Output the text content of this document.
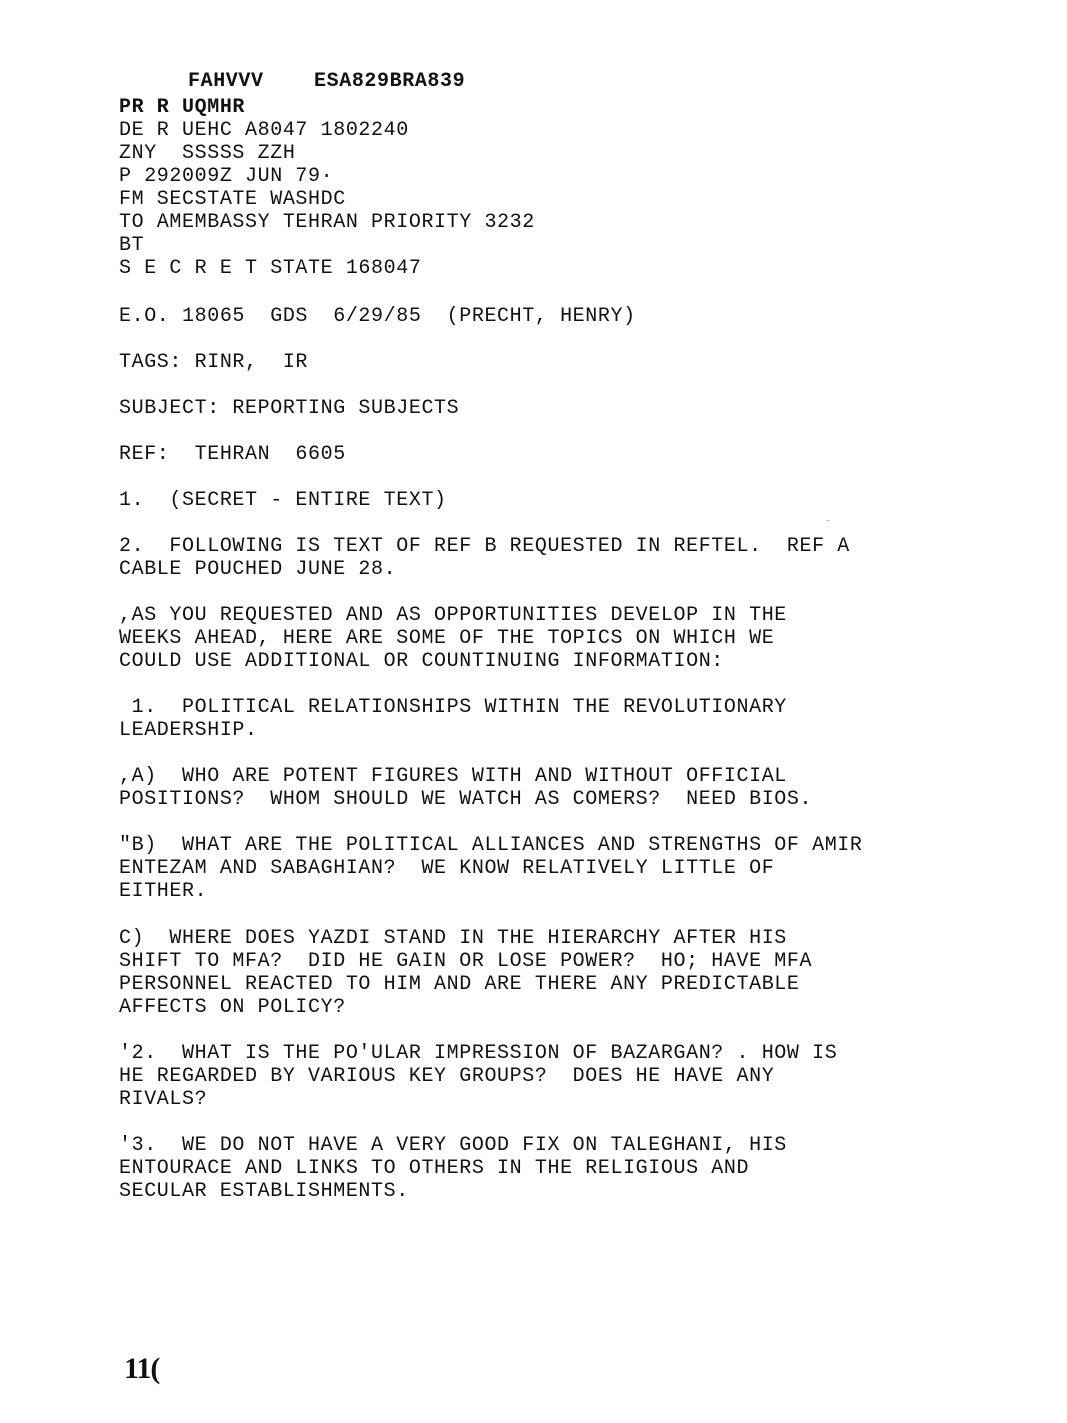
FAHVVV    ESA829BRA839
PR R UQMHR
DE R UEHC A8047 1802240
ZNY  SSSSS ZZH
P 292009Z JUN 79·
FM SECSTATE WASHDC
TO AMEMBASSY TEHRAN PRIORITY 3232
BT
S E C R E T STATE 168047
E.O. 18065  GDS  6/29/85  (PRECHT, HENRY)
TAGS: RINR,  IR
SUBJECT: REPORTING SUBJECTS
REF:  TEHRAN  6605
1.  (SECRET - ENTIRE TEXT)
2.  FOLLOWING IS TEXT OF REF B REQUESTED IN REFTEL.  REF A
CABLE POUCHED JUNE 28.
,AS YOU REQUESTED AND AS OPPORTUNITIES DEVELOP IN THE
WEEKS AHEAD, HERE ARE SOME OF THE TOPICS ON WHICH WE
COULD USE ADDITIONAL OR COUNTINUING INFORMATION:
1.  POLITICAL RELATIONSHIPS WITHIN THE REVOLUTIONARY
LEADERSHIP.
,A)  WHO ARE POTENT FIGURES WITH AND WITHOUT OFFICIAL
POSITIONS?  WHOM SHOULD WE WATCH AS COMERS?  NEED BIOS.
"B)  WHAT ARE THE POLITICAL ALLIANCES AND STRENGTHS OF AMIR
ENTEZAM AND SABAGHIAN?  WE KNOW RELATIVELY LITTLE OF
EITHER.
C)  WHERE DOES YAZDI STAND IN THE HIERARCHY AFTER HIS
SHIFT TO MFA?  DID HE GAIN OR LOSE POWER?  HO; HAVE MFA
PERSONNEL REACTED TO HIM AND ARE THERE ANY PREDICTABLE
AFFECTS ON POLICY?
'2.  WHAT IS THE PO'ULAR IMPRESSION OF BAZARGAN? . HOW IS
HE REGARDED BY VARIOUS KEY GROUPS?  DOES HE HAVE ANY
RIVALS?
'3.  WE DO NOT HAVE A VERY GOOD FIX ON TALEGHANI, HIS
ENTOURACE AND LINKS TO OTHERS IN THE RELIGIOUS AND
SECULAR ESTABLISHMENTS.
11(
